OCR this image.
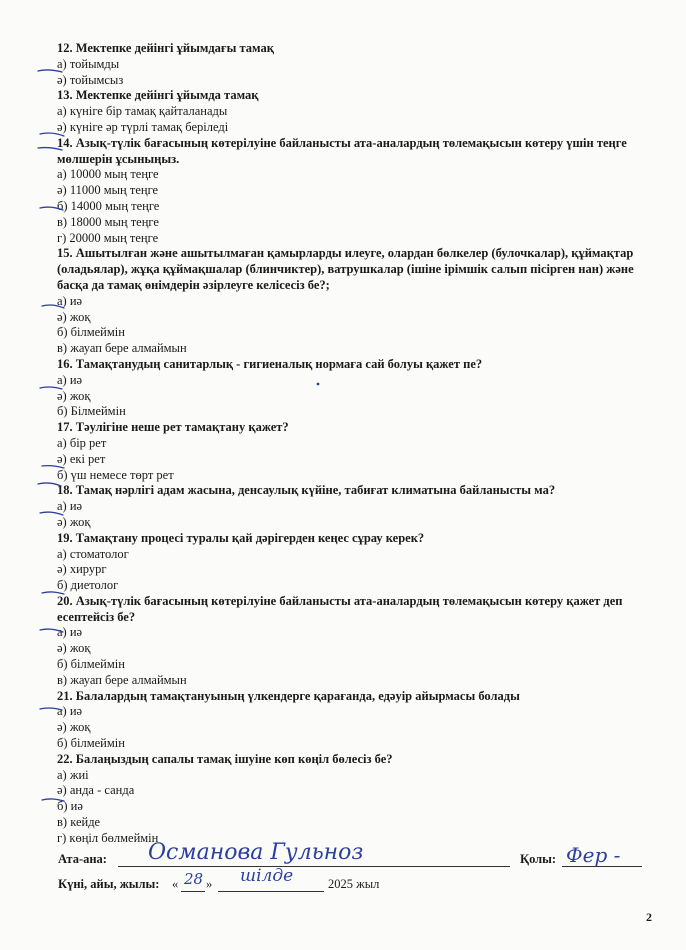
12. Мектепке дейінгі ұйымдағы тамақ
а) тойымды
ә) тойымсыз
13. Мектепке дейінгі ұйымда тамақ
а) күніге бір тамақ қайталанады
ә) күніге әр түрлі тамақ беріледі
14. Азық-түлік бағасының көтерілуіне байланысты ата-аналардың төлемақысын көтеру үшін теңге мөлшерін ұсыныңыз.
а) 10000 мың теңге
ә) 11000 мың теңге
б) 14000 мың теңге
в) 18000 мың теңге
г) 20000 мың теңге
15. Ашытылған және ашытылмаған қамырларды илеуге, олардан бөлкелер (булочкалар), құймақтар (оладьялар), жұқа құймақшалар (блинчиктер), ватрушкалар (ішіне ірімшік салып пісірген нан) және басқа да тамақ өнімдерін әзірлеуге келісесіз бе?;
а) иә
ә) жоқ
б) білмеймін
в) жауап бере алмаймын
16. Тамақтанудың санитарлық - гигиеналық нормаға сай болуы қажет пе?
а) иә
ә) жоқ
б) Білмеймін
17. Тәулігіне неше рет тамақтану қажет?
а) бір рет
ә) екі рет
б) үш немесе төрт рет
18. Тамақ нәрлігі адам жасына, денсаулық күйіне, табиғат климатына байланысты ма?
а) иә
ә) жоқ
19. Тамақтану процесі туралы қай дәрігерден кеңес сұрау керек?
а) стоматолог
ә) хирург
б) диетолог
20. Азық-түлік бағасының көтерілуіне байланысты ата-аналардың төлемақысын көтеру қажет деп есептейсіз бе?
а) иә
ә) жоқ
б) білмеймін
в) жауап бере алмаймын
21. Балалардың тамақтануының үлкендерге қарағанда, едәуір айырмасы болады
а) иә
ә) жоқ
б) білмеймін
22. Балаңыздың сапалы тамақ ішуіне көп көңіл бөлесіз бе?
а) жиі
ә) анда - санда
б) иә
в) кейде
г) көңіл бөлмеймін
Ата-ана: Османова Гульноз	Қолы: Фер -
Күні, айы, жылы: « 28 » шілде	2025 жыл
2
